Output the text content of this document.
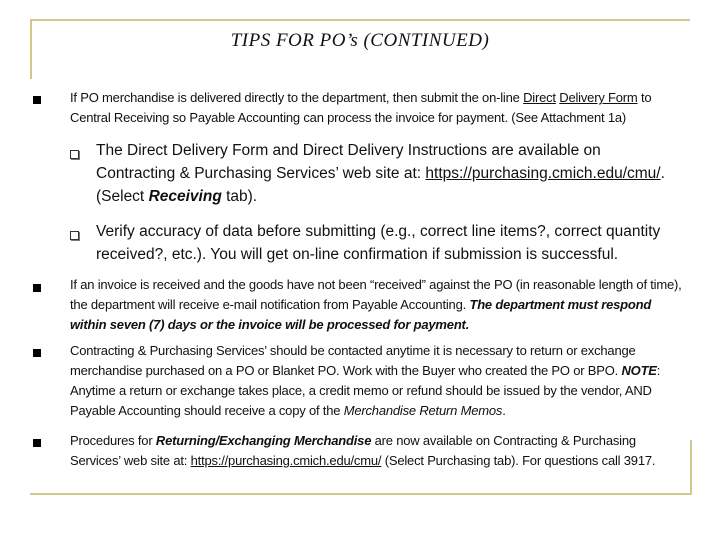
TIPS FOR PO’s (CONTINUED)
If PO merchandise is delivered directly to the department, then submit the on-line Direct Delivery Form to Central Receiving so Payable Accounting can process the invoice for payment. (See Attachment 1a)
The Direct Delivery Form and Direct Delivery Instructions are available on Contracting & Purchasing Services’ web site at: https://purchasing.cmich.edu/cmu/. (Select Receiving tab).
Verify accuracy of data before submitting (e.g., correct line items?, correct quantity received?, etc.). You will get on-line confirmation if submission is successful.
If an invoice is received and the goods have not been “received” against the PO (in reasonable length of time), the department will receive e-mail notification from Payable Accounting. The department must respond within seven (7) days or the invoice will be processed for payment.
Contracting & Purchasing Services’ should be contacted anytime it is necessary to return or exchange merchandise purchased on a PO or Blanket PO. Work with the Buyer who created the PO or BPO. NOTE: Anytime a return or exchange takes place, a credit memo or refund should be issued by the vendor, AND Payable Accounting should receive a copy of the Merchandise Return Memos.
Procedures for Returning/Exchanging Merchandise are now available on Contracting & Purchasing Services’ web site at: https://purchasing.cmich.edu/cmu/ (Select Purchasing tab). For questions call 3917.
